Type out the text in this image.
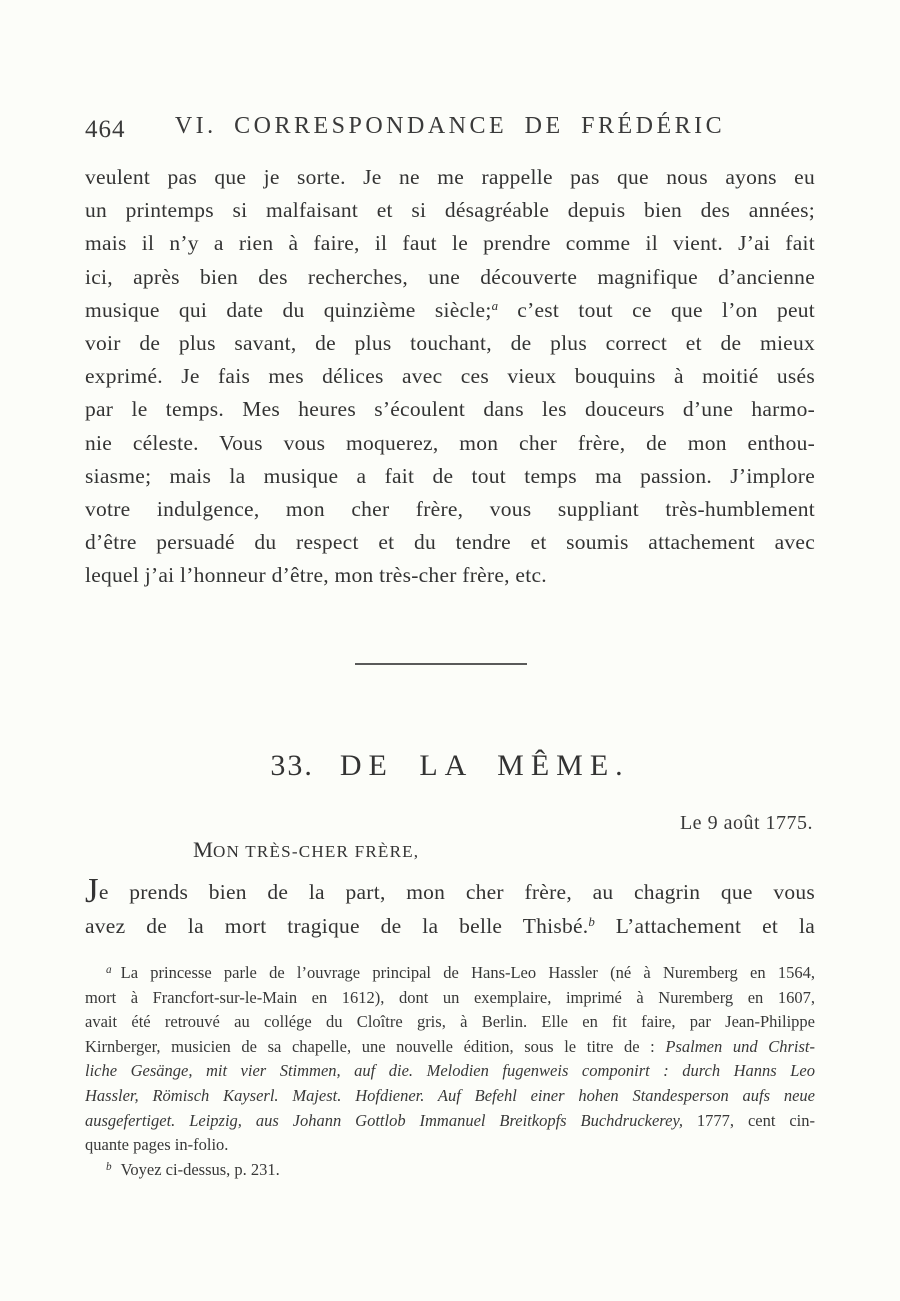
464	VI. CORRESPONDANCE DE FRÉDÉRIC
veulent pas que je sorte. Je ne me rappelle pas que nous ayons eu
un printemps si malfaisant et si désagréable depuis bien des années;
mais il n’y a rien à faire, il faut le prendre comme il vient. J’ai fait
ici, après bien des recherches, une découverte magnifique d’ancienne
musique qui date du quinzième siècle;$^a$ c’est tout ce que l’on peut
voir de plus savant, de plus touchant, de plus correct et de mieux
exprimé. Je fais mes délices avec ces vieux bouquins à moitié usés
par le temps. Mes heures s’écoulent dans les douceurs d’une harmo-
nie céleste. Vous vous moquerez, mon cher frère, de mon enthou-
siasme; mais la musique a fait de tout temps ma passion. J’implore
votre indulgence, mon cher frère, vous suppliant très-humblement
d’être persuadé du respect et du tendre et soumis attachement avec
lequel j’ai l’honneur d’être, mon très-cher frère, etc.
33. DE LA MÊME.
Le 9 août 1775.
MON TRÈS-CHER FRÈRE,
Je prends bien de la part, mon cher frère, au chagrin que vous
avez de la mort tragique de la belle Thisbé.$^b$ L’attachement et la
$^a$ La princesse parle de l’ouvrage principal de Hans-Leo Hassler (né à Nuremberg en 1564,
mort à Francfort-sur-le-Main en 1612), dont un exemplaire, imprimé à Nuremberg en 1607,
avait été retrouvé au collége du Cloître gris, à Berlin. Elle en fit faire, par Jean-Philippe
Kirnberger, musicien de sa chapelle, une nouvelle édition, sous le titre de : Psalmen und Christ-
liche Gesänge, mit vier Stimmen, auf die. Melodien fugenweis componirt : durch Hanns Leo
Hassler, Römisch Kayserl. Majest. Hofdiener. Auf Befehl einer hohen Standesperson aufs neue
ausgefertiget. Leipzig, aus Johann Gottlob Immanuel Breitkopfs Buchdruckerey, 1777, cent cin-
quante pages in-folio.
$^b$ Voyez ci-dessus, p. 231.
